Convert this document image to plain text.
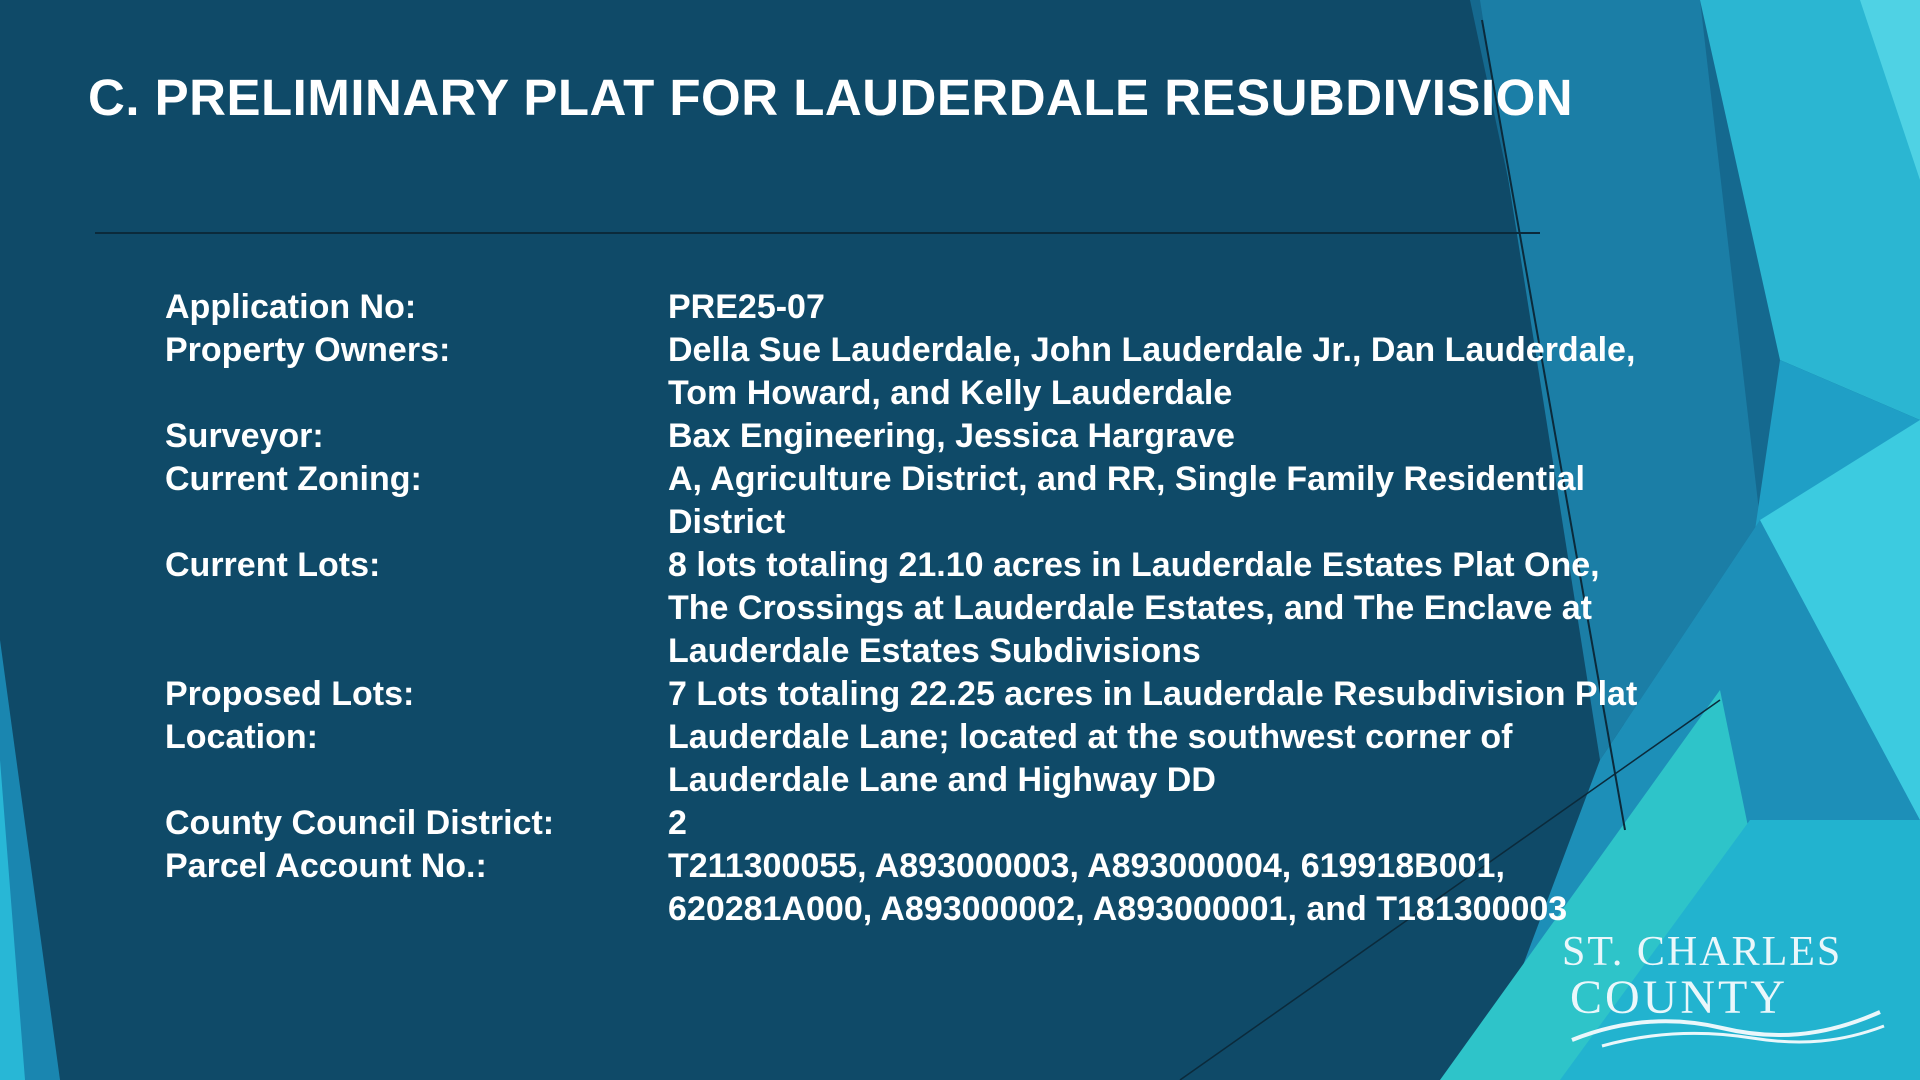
C. PRELIMINARY PLAT FOR LAUDERDALE RESUBDIVISION
Application No:	PRE25-07
Property Owners:	Della Sue Lauderdale, John Lauderdale Jr., Dan Lauderdale, Tom Howard, and Kelly Lauderdale
Surveyor:	Bax Engineering, Jessica Hargrave
Current Zoning:	A, Agriculture District, and RR, Single Family Residential District
Current Lots:	8 lots totaling 21.10 acres in Lauderdale Estates Plat One, The Crossings at Lauderdale Estates, and The Enclave at Lauderdale Estates Subdivisions
Proposed Lots:	7 Lots totaling 22.25 acres in Lauderdale Resubdivision Plat
Location:	Lauderdale Lane; located at the southwest corner of Lauderdale Lane and Highway DD
County Council District:	2
Parcel Account No.:	T211300055, A893000003, A893000004, 619918B001, 620281A000, A893000002, A893000001, and T181300003
ST. CHARLES
COUNTY
